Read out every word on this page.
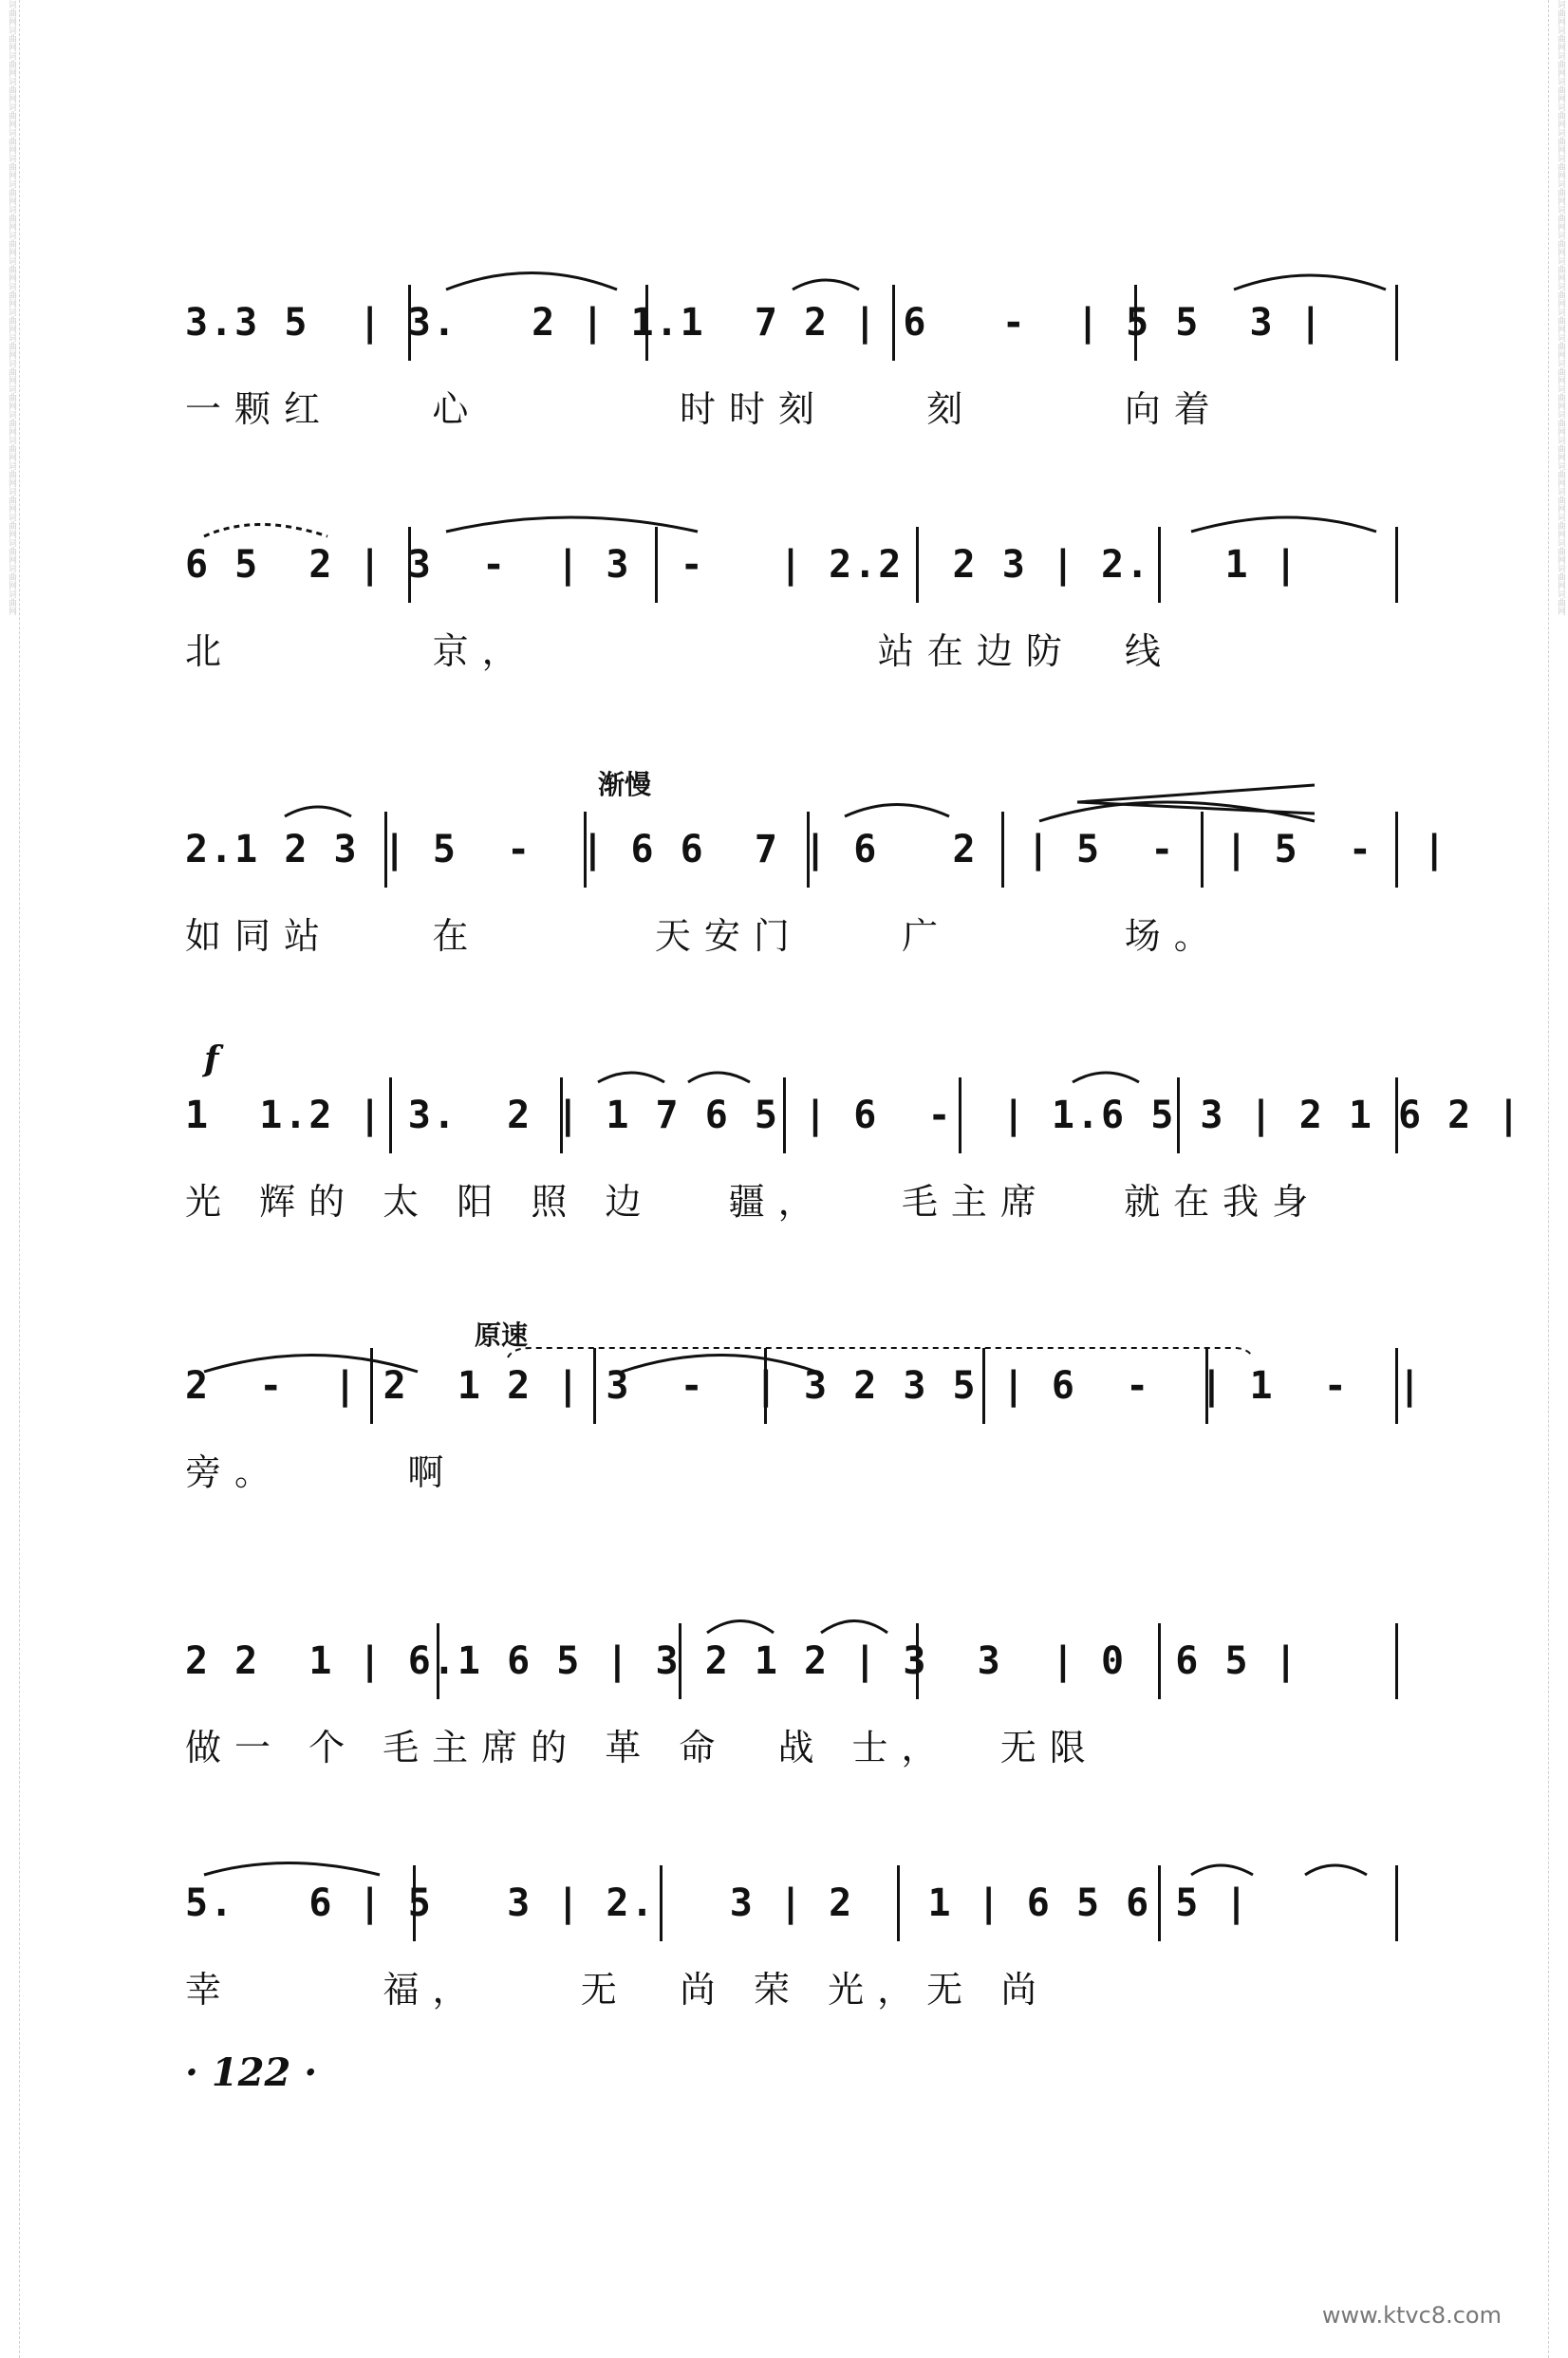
词曲网词曲网词曲网词曲网词曲网词曲网词曲网词曲网词曲网词曲网词曲网词曲网词曲网词曲网词曲网词曲网词曲网词曲网词曲网词曲网词曲网词曲网词曲网词曲网	词曲网词曲网词曲网词曲网词曲网词曲网词曲网词曲网词曲网词曲网词曲网词曲网词曲网词曲网词曲网词曲网词曲网词曲网词曲网词曲网词曲网词曲网词曲网词曲网
3.3 5  | 3.   2 | 1.1  7 2 | 6   -  | 5 5  3 |
一颗红    心        时时刻    刻      向着
6 5  2 | 3  -  | 3  -   | 2.2  2 3 | 2.   1 |
北        京，              站在边防  线
渐慢
2.1 2 3 | 5  -  | 6 6  7 | 6   2  | 5  -  | 5  -  |
如同站    在       天安门    广       场。
f
1  1.2 | 3.  2 | 1 7 6 5 | 6  -  | 1.6 5 3 | 2 1 6 2 |
光 辉的 太 阳 照 边   疆，   毛主席   就在我身
原速
2  -  | 2  1 2 | 3  -  | 3 2 3 5 | 6  -  | 1  -  |
旁。     啊
2 2  1 | 6.1 6 5 | 3 2 1 2 | 3  3  | 0  6 5 |
做一 个 毛主席的 革 命  战 士，  无限
5.   6 | 5   3 | 2.   3 | 2   1 | 6 5 6 5 |
幸      福，    无  尚 荣 光，无 尚
· 122 ·
www.ktvc8.com
